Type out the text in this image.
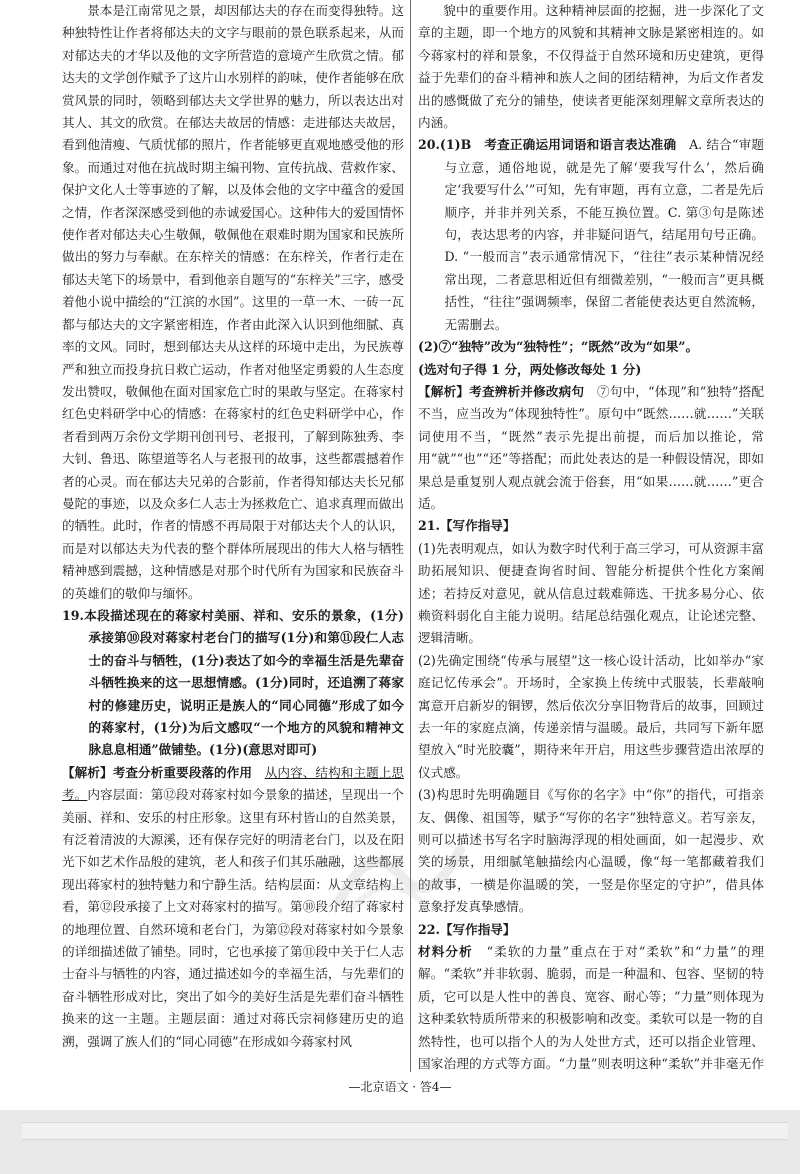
景本是江南常见之景，却因郁达夫的存在而变得独特。这种独特性让作者将郁达夫的文字与眼前的景色联系起来，从而对郁达夫的才华以及他的文字所营造的意境产生欣赏之情。郁达夫的文学创作赋予了这片山水别样的韵味，使作者能够在欣赏风景的同时，领略到郁达夫文学世界的魅力，所以表达出对其人、其文的欣赏。在郁达夫故居的情感：走进郁达夫故居，看到他清瘦、气质忧郁的照片，作者能够更直观地感受他的形象。而通过对他在抗战时期主编刊物、宣传抗战、营救作家、保护文化人士等事迹的了解，以及体会他的文字中蕴含的爱国之情，作者深深感受到他的赤诚爱国心。这种伟大的爱国情怀使作者对郁达夫心生敬佩，敬佩他在艰难时期为国家和民族所做出的努力与奉献。在东梓关的情感：在东梓关，作者行走在郁达夫笔下的场景中，看到他亲自题写的“东梓关”三字，感受着他小说中描绘的“江滨的水国”。这里的一草一木、一砖一瓦都与郁达夫的文字紧密相连，作者由此深入认识到他细腻、真率的文风。同时，想到郁达夫从这样的环境中走出，为民族尊严和独立而投身抗日救亡运动，作者对他坚定勇毅的人生态度发出赞叹，敬佩他在面对国家危亡时的果敢与坚定。在蒋家村红色史料研学中心的情感：在蒋家村的红色史料研学中心，作者看到两万余份文学期刊创刊号、老报刊，了解到陈独秀、李大钊、鲁迅、陈望道等名人与老报刊的故事，这些都震撼着作者的心灵。而在郁达夫兄弟的合影前，作者得知郁达夫长兄郁曼陀的事迹，以及众多仁人志士为拯救危亡、追求真理而做出的牺牲。此时，作者的情感不再局限于对郁达夫个人的认识，而是对以郁达夫为代表的整个群体所展现出的伟大人格与牺牲精神感到震撼，这种情感是对那个时代所有为国家和民族奋斗的英雄们的敬仰与缅怀。

19.本段描述现在的蒋家村美丽、祥和、安乐的景象，(1分)承接第⑩段对蒋家村老台门的描写(1分)和第⑪段仁人志士的奋斗与牺牲，(1分)表达了如今的幸福生活是先辈奋斗牺牲换来的这一思想情感。(1分)同时，还追溯了蒋家村的修建历史，说明正是族人的“同心同德”形成了如今的蒋家村，(1分)为后文感叹“一个地方的风貌和精神文脉息息相通”做铺垫。(1分)(意思对即可)

【解析】考查分析重要段落的作用　 从内容、结构和主题上思考。内容层面：第⑫段对蒋家村如今景象的描述，呈现出一个美丽、祥和、安乐的村庄形象。这里有环村皆山的自然美景，有泛着清波的大源溪，还有保存完好的明清老台门，以及在阳光下如艺术作品般的建筑，老人和孩子们其乐融融，这些都展现出蒋家村的独特魅力和宁静生活。结构层面：从文章结构上看，第⑫段承接了上文对蒋家村的描写。第⑩段介绍了蒋家村的地理位置、自然环境和老台门，为第⑫段对蒋家村如今景象的详细描述做了铺垫。同时，它也承接了第⑪段中关于仁人志士奋斗与牺牲的内容，通过描述如今的幸福生活，与先辈们的奋斗牺牲形成对比，突出了如今的美好生活是先辈们奋斗牺牲换来的这一主题。主题层面：通过对蒋氏宗祠修建历史的追溯，强调了族人们的“同心同德”在形成如今蒋家村风

貌中的重要作用。这种精神层面的挖掘，进一步深化了文章的主题，即一个地方的风貌和其精神文脉是紧密相连的。如今蒋家村的祥和景象，不仅得益于自然环境和历史建筑，更得益于先辈们的奋斗精神和族人之间的团结精神，为后文作者发出的感慨做了充分的铺垫，使读者更能深刻理解文章所表达的内涵。

20.(1)B　 考查正确运用词语和语言表达准确　 A. 结合“审题与立意，通俗地说，就是先了解‘要我写什么’，然后确定‘我要写什么’”可知，先有审题，再有立意，二者是先后顺序，并非并列关系，不能互换位置。C. 第③句是陈述句，表达思考的内容，并非疑问语气，结尾用句号正确。D. “一般而言”表示通常情况下，“往往”表示某种情况经常出现，二者意思相近但有细微差别，“一般而言”更具概括性，“往往”强调频率，保留二者能使表达更自然流畅，无需删去。

(2)⑦“独特”改为“独特性”；“既然”改为“如果”。

(选对句子得 1 分，两处修改每处 1 分)

【解析】考查辨析并修改病句　 ⑦句中，“体现”和“独特”搭配不当，应当改为“体现独特性”。原句中“既然……就……”关联词使用不当，“既然”表示先提出前提，而后加以推论，常用“就”“也”“还”等搭配；而此处表达的是一种假设情况，即如果总是重复别人观点就会流于俗套，用“如果……就……”更合适。

21.【写作指导】

(1)先表明观点，如认为数字时代利于高三学习，可从资源丰富助拓展知识、便捷查询省时间、智能分析提供个性化方案阐述；若持反对意见，就从信息过载难筛选、干扰多易分心、依赖资料弱化自主能力说明。结尾总结强化观点，让论述完整、逻辑清晰。

(2)先确定围绕“传承与展望”这一核心设计活动，比如举办“家庭记忆传承会”。开场时，全家换上传统中式服装，长辈敲响寓意开启新岁的铜锣，然后依次分享旧物背后的故事，回顾过去一年的家庭点滴，传递亲情与温暖。最后，共同写下新年愿望放入“时光胶囊”，期待来年开启，用这些步骤营造出浓厚的仪式感。

(3)构思时先明确题目《写你的名字》中“你”的指代，可指亲友、偶像、祖国等，赋予“写你的名字”独特意义。若写亲友，则可以描述书写名字时脑海浮现的相处画面，如一起漫步、欢笑的场景，用细腻笔触描绘内心温暖，像“每一笔都藏着我们的故事，一横是你温暖的笑，一竖是你坚定的守护”，借具体意象抒发真挚感情。

22.【写作指导】

材料分析　 “柔软的力量”重点在于对“柔软”和“力量”的理解。“柔软”并非软弱、脆弱，而是一种温和、包容、坚韧的特质，它可以是人性中的善良、宽容、耐心等；“力量”则体现为这种柔软特质所带来的积极影响和改变。柔软可以是一物的自然特性，也可以指个人的为人处世方式，还可以指企业管理、国家治理的方式等方面。“力量”则表明这种“柔软”并非毫无作

—北京语文 · 答4—
